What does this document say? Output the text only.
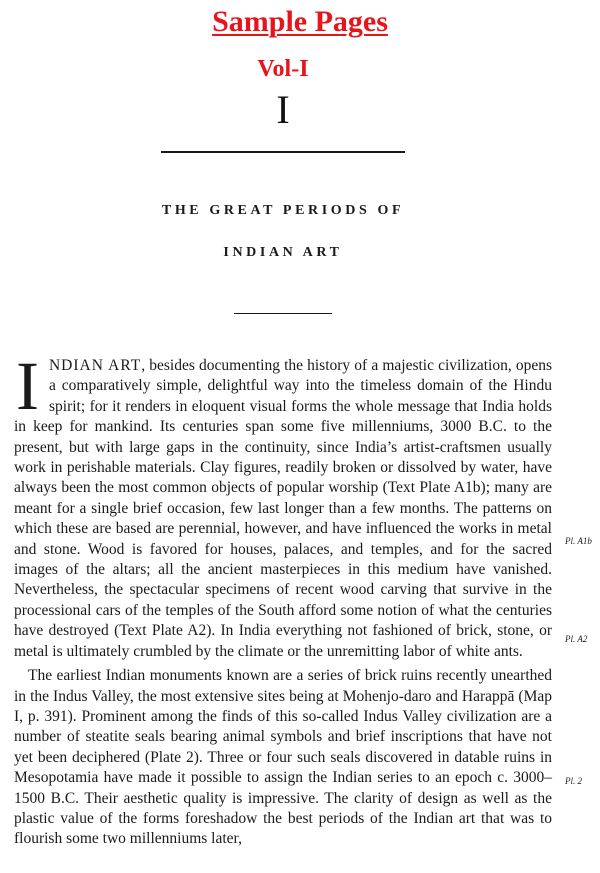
Sample Pages
Vol-I
I
THE GREAT PERIODS OF
INDIAN ART

INDIAN ART, besides documenting the history of a majestic civilization, opens a comparatively simple, delightful way into the timeless domain of the Hindu spirit; for it renders in eloquent visual forms the whole message that India holds in keep for mankind. Its centuries span some five millenniums, 3000 B.C. to the present, but with large gaps in the continuity, since India’s artist-craftsmen usually work in perishable materials. Clay figures, readily broken or dissolved by water, have always been the most common objects of popular worship (Text Plate A1b); many are meant for a single brief occasion, few last longer than a few months. The patterns on which these are based are perennial, however, and have influenced the works in metal and stone. Wood is favored for houses, palaces, and temples, and for the sacred images of the altars; all the ancient masterpieces in this medium have vanished. Nevertheless, the spectacular specimens of recent wood carving that survive in the processional cars of the temples of the South afford some notion of what the centuries have destroyed (Text Plate A2). In India everything not fashioned of brick, stone, or metal is ultimately crumbled by the climate or the unremitting labor of white ants.

The earliest Indian monuments known are a series of brick ruins recently unearthed in the Indus Valley, the most extensive sites being at Mohenjo-daro and Harappā (Map I, p. 391). Prominent among the finds of this so-called Indus Valley civilization are a number of steatite seals bearing animal symbols and brief inscriptions that have not yet been deciphered (Plate 2). Three or four such seals discovered in datable ruins in Mesopotamia have made it possible to assign the Indian series to an epoch c. 3000–1500 B.C. Their aesthetic quality is impressive. The clarity of design as well as the plastic value of the forms foreshadow the best periods of the Indian art that was to flourish some two millenniums later,

Pl. A1b
Pl. A2
Pl. 2
